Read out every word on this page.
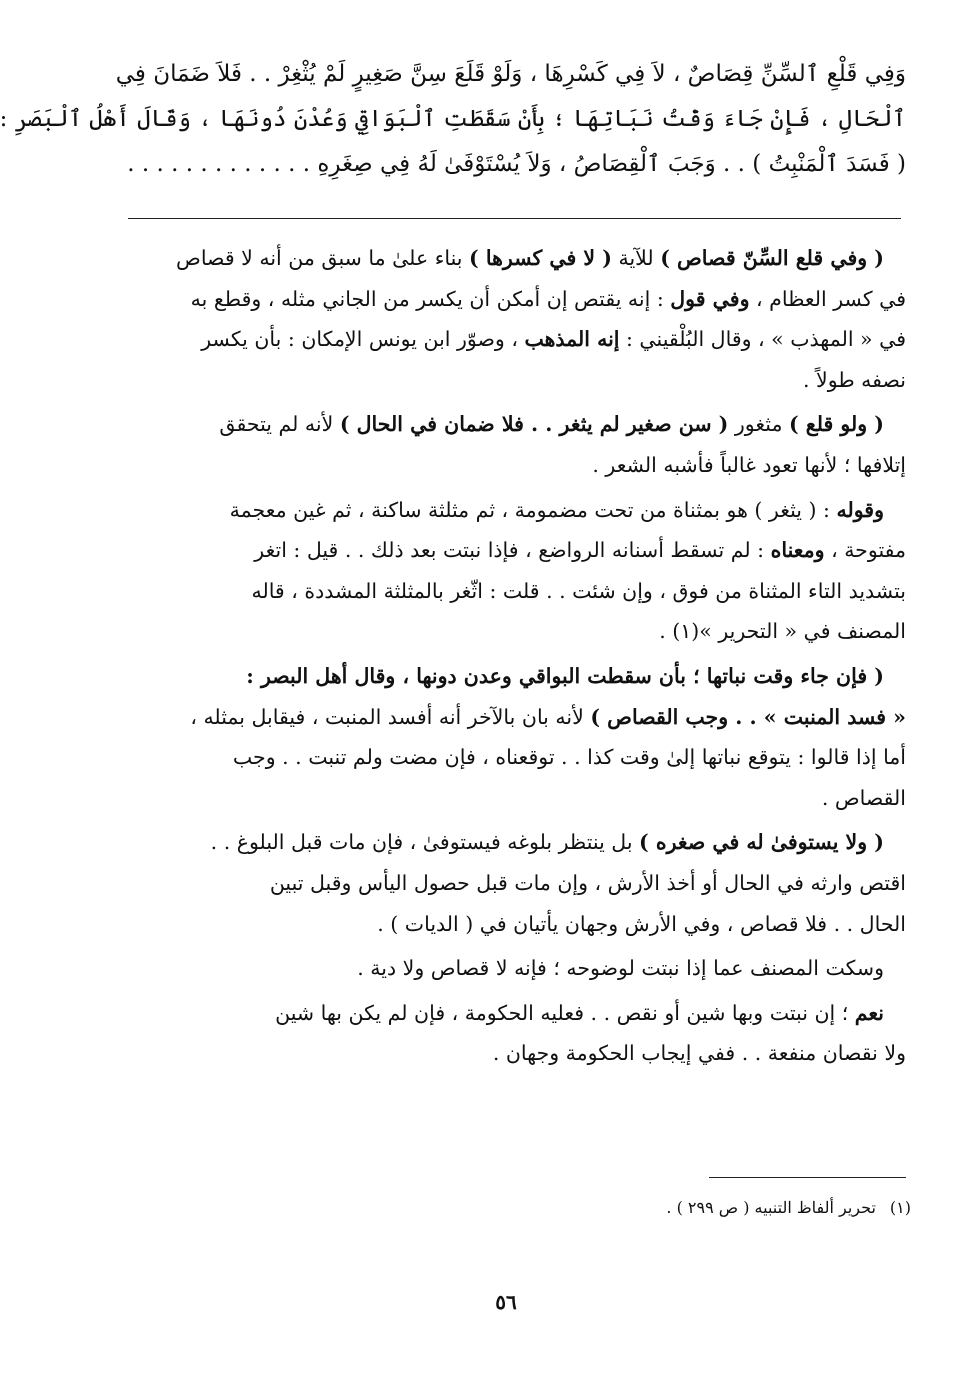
وَفِي قَلْعِ ٱلسِّنِّ قِصَاصٌ ، لاَ فِي كَسْرِهَا ، وَلَوْ قَلَعَ سِنَّ صَغِيرٍ لَمْ يُثْغِرْ . . فَلاَ ضَمَانَ فِي
ٱلْحَالِ ، فَإِنْ جَاءَ وَقْتُ نَبَاتِهَا ؛ بِأَنْ سَقَطَتِ ٱلْبَوَاقِي وَعُدْنَ دُونَهَا ، وَقَالَ أَهْلُ ٱلْبَصَرِ :
( فَسَدَ ٱلْمَنْبِتُ ) . . وَجَبَ ٱلْقِصَاصُ ، وَلاَ يُسْتَوْفَىٰ لَهُ فِي صِغَرِهِ . . . . . . . . . . . . .
( وفي قلع السِّنّ قصاص ) للآية ( لا في كسرها ) بناء علىٰ ما سبق من أنه لا قصاص
في كسر العظام ، وفي قول : إنه يقتص إن أمكن أن يكسر من الجاني مثله ، وقطع به
في « المهذب » ، وقال البُلْقيني : إنه المذهب ، وصوّر ابن يونس الإمكان : بأن يكسر
نصفه طولاً .
( ولو قلع ) مثغور ( سن صغير لم يثغر . . فلا ضمان في الحال ) لأنه لم يتحقق
إتلافها ؛ لأنها تعود غالباً فأشبه الشعر .
وقوله : ( يثغر ) هو بمثناة من تحت مضمومة ، ثم مثلثة ساكنة ، ثم غين معجمة
مفتوحة ، ومعناه : لم تسقط أسنانه الرواضع ، فإذا نبتت بعد ذلك . . قيل : اتغر
بتشديد التاء المثناة من فوق ، وإن شئت . . قلت : اثّغر بالمثلثة المشددة ، قاله
المصنف في « التحرير »(١) .
( فإن جاء وقت نباتها ؛ بأن سقطت البواقي وعدن دونها ، وقال أهل البصر :
« فسد المنبت » . . وجب القصاص ) لأنه بان بالآخر أنه أفسد المنبت ، فيقابل بمثله ،
أما إذا قالوا : يتوقع نباتها إلىٰ وقت كذا . . توقعناه ، فإن مضت ولم تنبت . . وجب
القصاص .
( ولا يستوفىٰ له في صغره ) بل ينتظر بلوغه فيستوفىٰ ، فإن مات قبل البلوغ . .
اقتص وارثه في الحال أو أخذ الأرش ، وإن مات قبل حصول اليأس وقبل تبين
الحال . . فلا قصاص ، وفي الأرش وجهان يأتيان في ( الديات ) .
وسكت المصنف عما إذا نبتت لوضوحه ؛ فإنه لا قصاص ولا دية .
نعم ؛ إن نبتت وبها شين أو نقص . . فعليه الحكومة ، فإن لم يكن بها شين
ولا نقصان منفعة . . ففي إيجاب الحكومة وجهان .
(١)تحرير ألفاظ التنبيه ( ص ٢٩٩ ) .
٥٦
